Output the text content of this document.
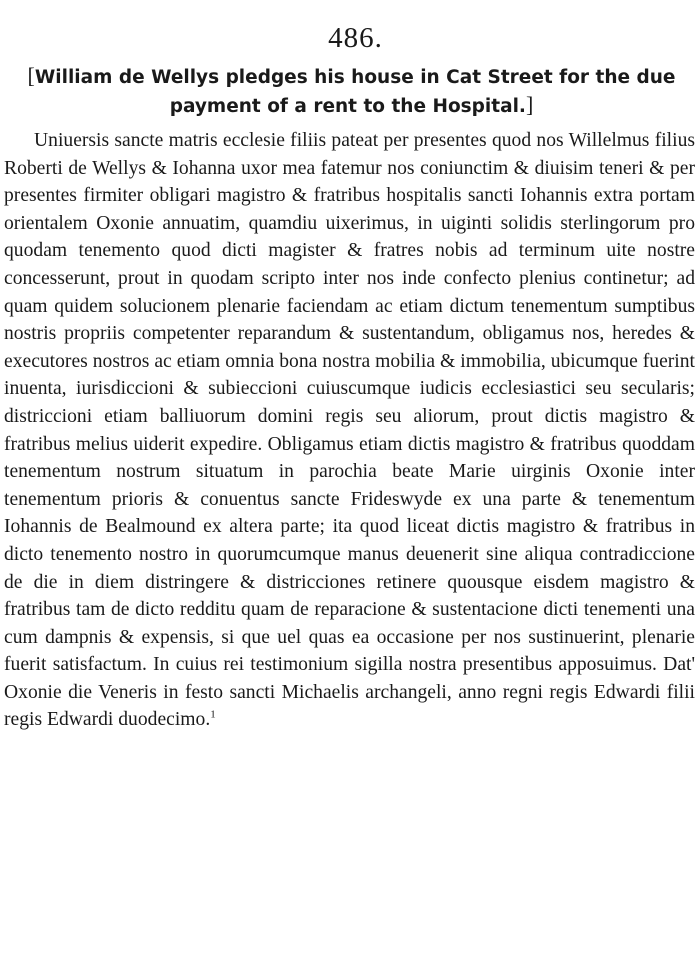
486.
[William de Wellys pledges his house in Cat Street for the due payment of a rent to the Hospital.]

Uniuersis sancte matris ecclesie filiis pateat per presentes quod nos Willelmus filius Roberti de Wellys & Iohanna uxor mea fatemur nos coniunctim & diuisim teneri & per presentes firmiter obligari magistro & fratribus hospitalis sancti Iohannis extra portam orientalem Oxonie annuatim, quamdiu uixerimus, in uiginti solidis sterlingorum pro quodam tenemento quod dicti magister & fratres nobis ad terminum uite nostre concesserunt, prout in quodam scripto inter nos inde confecto plenius continetur; ad quam quidem solucionem plenarie faciendam ac etiam dictum tenementum sumptibus nostris propriis competenter reparandum & sustentandum, obligamus nos, heredes & executores nostros ac etiam omnia bona nostra mobilia & immobilia, ubicumque fuerint inuenta, iurisdiccioni & subieccioni cuiuscumque iudicis ecclesiastici seu secularis; districcioni etiam balliuorum domini regis seu aliorum, prout dictis magistro & fratribus melius uiderit expedire. Obligamus etiam dictis magistro & fratribus quoddam tenementum nostrum situatum in parochia beate Marie uirginis Oxonie inter tenementum prioris & conuentus sancte Frideswyde ex una parte & tenementum Iohannis de Bealmound ex altera parte; ita quod liceat dictis magistro & fratribus in dicto tenemento nostro in quorumcumque manus deuenerit sine aliqua contradiccione de die in diem distringere & districciones retinere quousque eisdem magistro & fratribus tam de dicto redditu quam de reparacione & sustentacione dicti tenementi una cum dampnis & expensis, si que uel quas ea occasione per nos sustinuerint, plenarie fuerit satisfactum. In cuius rei testimonium sigilla nostra presentibus apposuimus. Dat' Oxonie die Veneris in festo sancti Michaelis archangeli, anno regni regis Edwardi filii regis Edwardi duodecimo.$^1$
